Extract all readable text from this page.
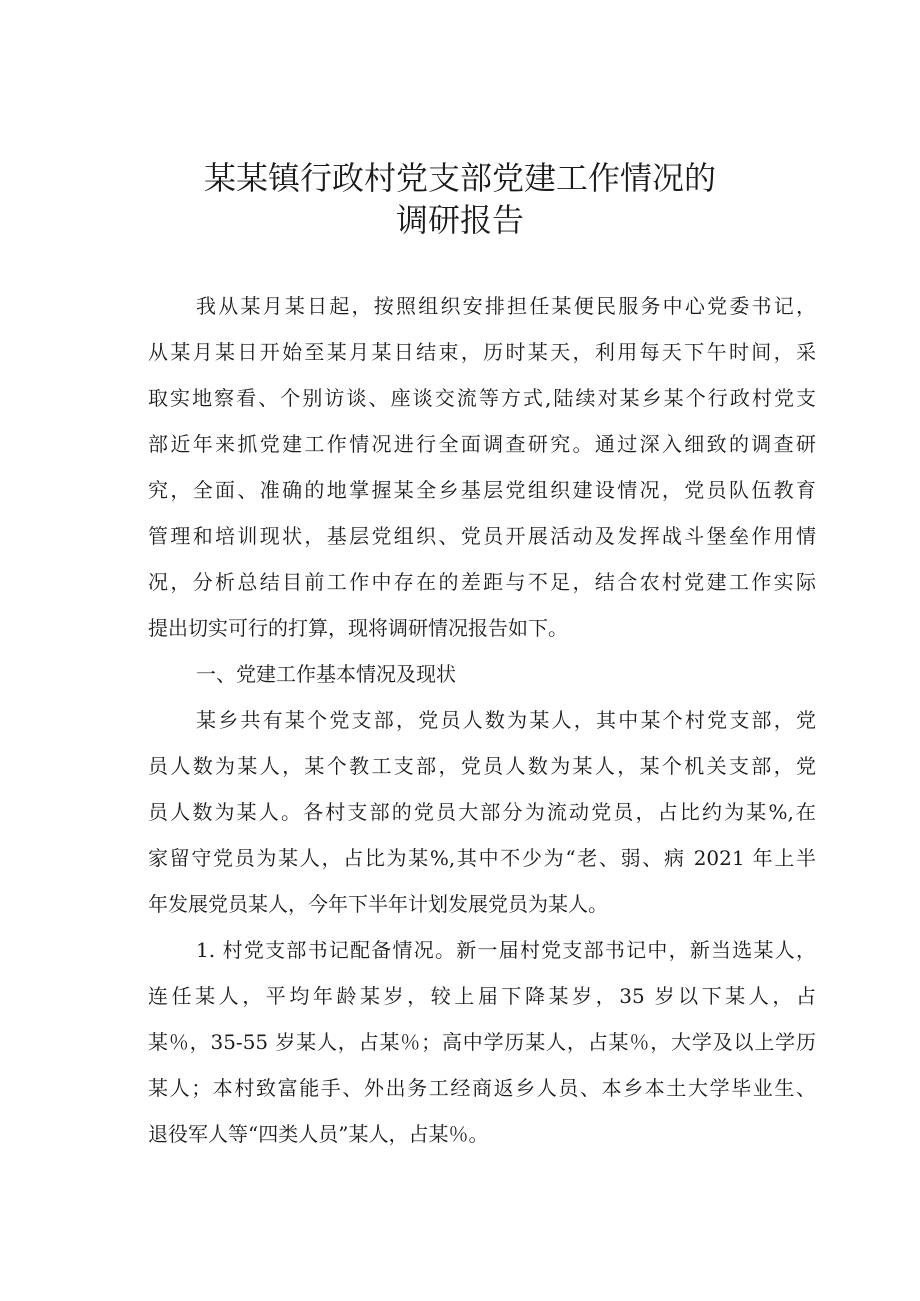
某某镇行政村党支部党建工作情况的
调研报告
我从某月某日起，按照组织安排担任某便民服务中心党委书记，
从某月某日开始至某月某日结束，历时某天，利用每天下午时间，采
取实地察看、个别访谈、座谈交流等方式,陆续对某乡某个行政村党支
部近年来抓党建工作情况进行全面调查研究。通过深入细致的调查研
究，全面、准确的地掌握某全乡基层党组织建设情况，党员队伍教育
管理和培训现状，基层党组织、党员开展活动及发挥战斗堡垒作用情
况，分析总结目前工作中存在的差距与不足，结合农村党建工作实际
提出切实可行的打算，现将调研情况报告如下。
一、党建工作基本情况及现状
某乡共有某个党支部，党员人数为某人，其中某个村党支部，党
员人数为某人，某个教工支部，党员人数为某人，某个机关支部，党
员人数为某人。各村支部的党员大部分为流动党员，占比约为某%,在
家留守党员为某人，占比为某%,其中不少为“老、弱、病 2021 年上半
年发展党员某人，今年下半年计划发展党员为某人。
1. 村党支部书记配备情况。新一届村党支部书记中，新当选某人，
连任某人，平均年龄某岁，较上届下降某岁，35 岁以下某人，占
某％，35-55 岁某人，占某％；高中学历某人，占某％，大学及以上学历
某人；本村致富能手、外出务工经商返乡人员、本乡本土大学毕业生、
退役军人等“四类人员”某人，占某％。
